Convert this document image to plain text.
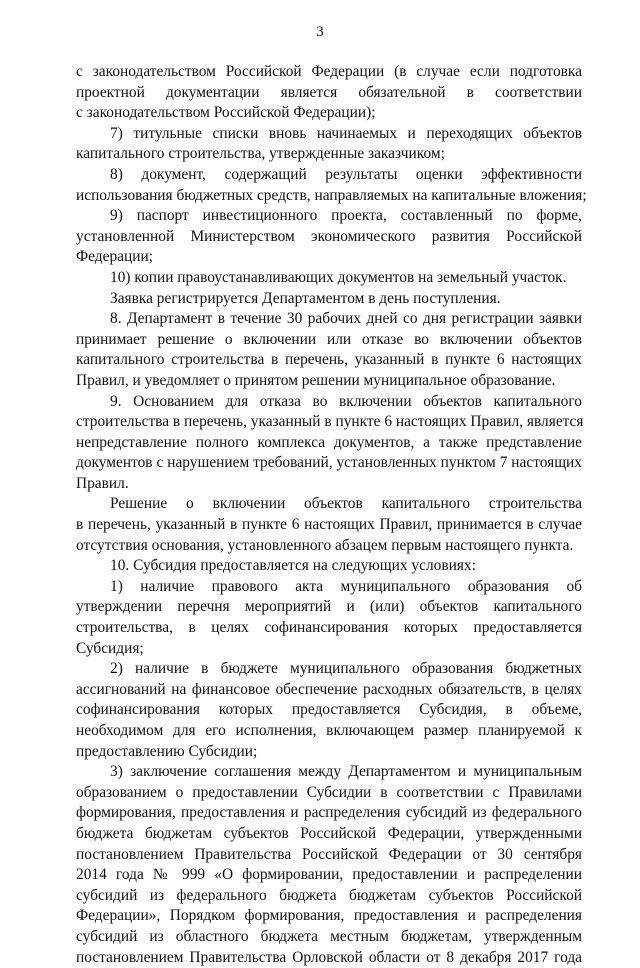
3
с законодательством Российской Федерации (в случае если подготовка
проектной документации является обязательной в соответствии
с законодательством Российской Федерации);
7) титульные списки вновь начинаемых и переходящих объектов
капитального строительства, утвержденные заказчиком;
8) документ, содержащий результаты оценки эффективности
использования бюджетных средств, направляемых на капитальные вложения;
9) паспорт инвестиционного проекта, составленный по форме,
установленной Министерством экономического развития Российской
Федерации;
10) копии правоустанавливающих документов на земельный участок.
Заявка регистрируется Департаментом в день поступления.
8. Департамент в течение 30 рабочих дней со дня регистрации заявки
принимает решение о включении или отказе во включении объектов
капитального строительства в перечень, указанный в пункте 6 настоящих
Правил, и уведомляет о принятом решении муниципальное образование.
9. Основанием для отказа во включении объектов капитального
строительства в перечень, указанный в пункте 6 настоящих Правил, является
непредставление полного комплекса документов, а также представление
документов с нарушением требований, установленных пунктом 7 настоящих
Правил.
Решение о включении объектов капитального строительства
в перечень, указанный в пункте 6 настоящих Правил, принимается в случае
отсутствия основания, установленного абзацем первым настоящего пункта.
10. Субсидия предоставляется на следующих условиях:
1) наличие правового акта муниципального образования об
утверждении перечня мероприятий и (или) объектов капитального
строительства, в целях софинансирования которых предоставляется
Субсидия;
2) наличие в бюджете муниципального образования бюджетных
ассигнований на финансовое обеспечение расходных обязательств, в целях
софинансирования которых предоставляется Субсидия, в объеме,
необходимом для его исполнения, включающем размер планируемой к
предоставлению Субсидии;
3) заключение соглашения между Департаментом и муниципальным
образованием о предоставлении Субсидии в соответствии с Правилами
формирования, предоставления и распределения субсидий из федерального
бюджета бюджетам субъектов Российской Федерации, утвержденными
постановлением Правительства Российской Федерации от 30 сентября
2014 года № 999 «О формировании, предоставлении и распределении
субсидий из федерального бюджета бюджетам субъектов Российской
Федерации», Порядком формирования, предоставления и распределения
субсидий из областного бюджета местным бюджетам, утвержденным
постановлением Правительства Орловской области от 8 декабря 2017 года
